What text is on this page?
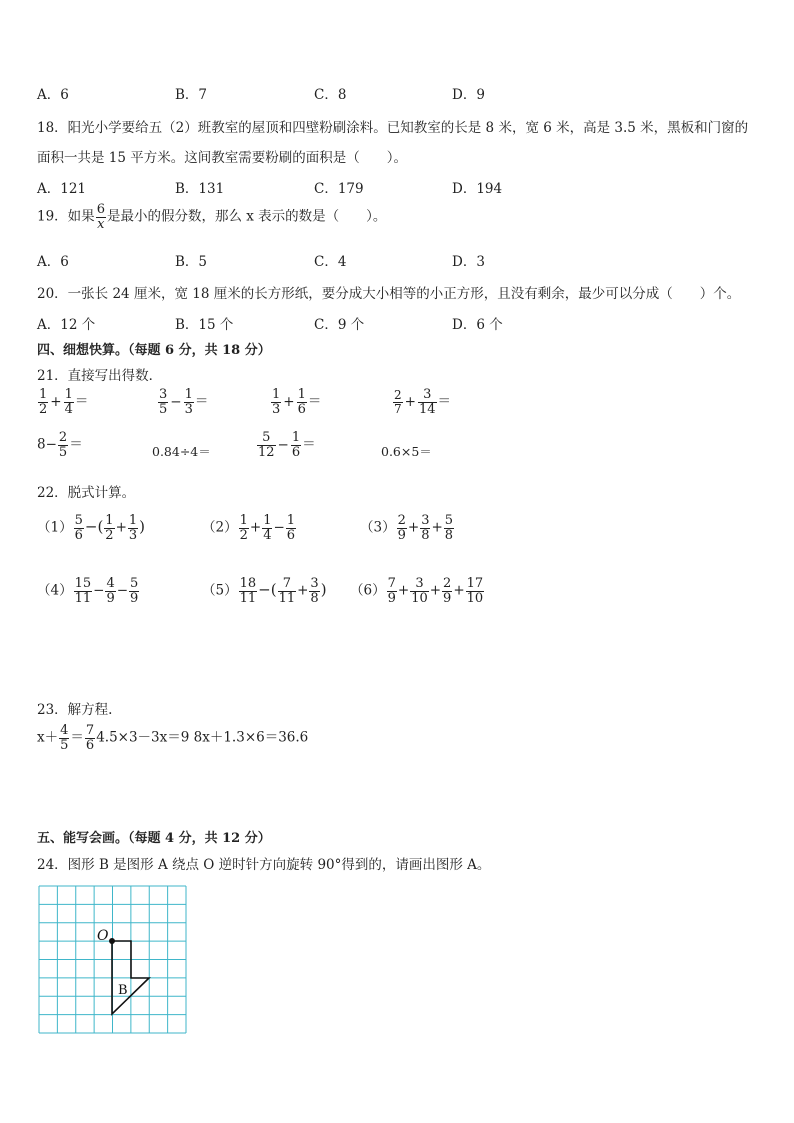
A．6	B．7	C．8	D．9
18．阳光小学要给五（2）班教室的屋顶和四壁粉刷涂料。已知教室的长是 8 米，宽 6 米，高是 3.5 米，黑板和门窗的
面积一共是 15 平方米。这间教室需要粉刷的面积是（　　）。
A．121	B．131	C．179	D．194
19．如果 $\frac{6}{x}$ 是最小的假分数，那么 x 表示的数是（　　）。
A．6	B．5	C．4	D．3
20．一张长 24 厘米，宽 18 厘米的长方形纸，要分成大小相等的小正方形，且没有剩余，最少可以分成（　　）个。
A．12 个	B．15 个	C．9 个	D．6 个
四、细想快算。（每题 6 分，共 18 分）
21．直接写出得数．
$\frac{1}{2} + \frac{1}{4}$ ＝	$\frac{3}{5} - \frac{1}{3}$ ＝	$\frac{1}{3} + \frac{1}{6}$ ＝	$\frac{2}{7} + \frac{3}{14}$ ＝
$8- \frac{2}{5}$ ＝	0.84÷4＝	$\frac{5}{12} - \frac{1}{6}$ ＝	0.6×5＝
22．脱式计算。
$(1) \frac{5}{6}$ −( $\frac{1}{2} + \frac{1}{3}$ )	$(2) \frac{1}{2} + \frac{1}{4} - \frac{1}{6}$	$(3) \frac{2}{9} + \frac{3}{8} + \frac{5}{8}$
$(4) \frac{15}{11} - \frac{4}{9} - \frac{5}{9}$	$(5) \frac{18}{11}$ −( $\frac{7}{11} + \frac{3}{8}$ ) $(6) \frac{7}{9} + \frac{3}{10} + \frac{2}{9} + \frac{17}{10}$
23．解方程.
$x+ \frac{4}{5} = \frac{7}{6} 4.5\times 3-3x=9$ 8x＋1.3×6＝36.6
五、能写会画。（每题 4 分，共 12 分）
24．图形 B 是图形 A 绕点 O 逆时针方向旋转 90°得到的，请画出图形 A。
O
B
